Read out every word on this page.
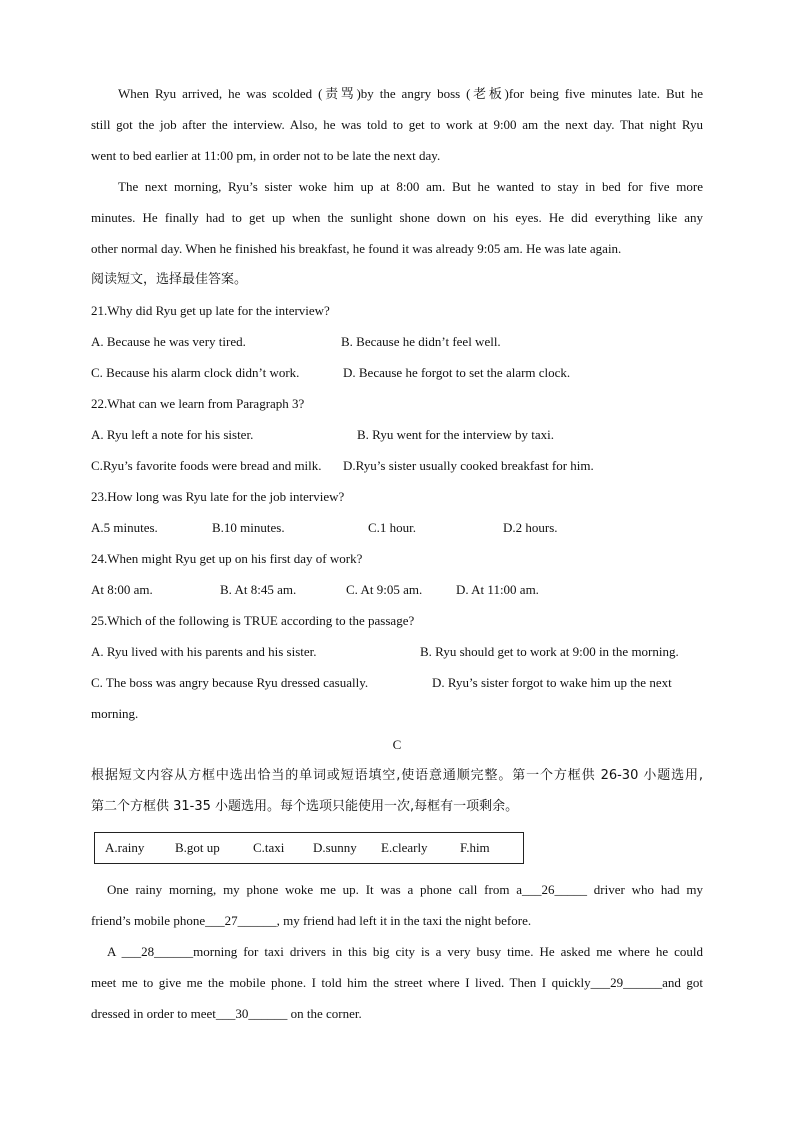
When Ryu arrived, he was scolded (责骂)by the angry boss (老板)for being five minutes late. But he
still got the job after the interview. Also, he was told to get to work at 9:00 am the next day. That night Ryu
went to bed earlier at 11:00 pm, in order not to be late the next day.
The next morning, Ryu’s sister woke him up at 8:00 am. But he wanted to stay in bed for five more
minutes. He finally had to get up when the sunlight shone down on his eyes. He did everything like any
other normal day. When he finished his breakfast, he found it was already 9:05 am. He was late again.
阅读短文，选择最佳答案。
21.Why did Ryu get up late for the interview?
A. Because he was very tired.	B. Because he didn’t feel well.
C. Because his alarm clock didn’t work.	D. Because he forgot to set the alarm clock.
22.What can we learn from Paragraph 3?
A. Ryu left a note for his sister.	B. Ryu went for the interview by taxi.
C.Ryu’s favorite foods were bread and milk. D.Ryu’s sister usually cooked breakfast for him.
23.How long was Ryu late for the job interview?
A.5 minutes.	B.10 minutes.	C.1 hour.	D.2 hours.
24.When might Ryu get up on his first day of work?
At 8:00 am.	B. At 8:45 am.	C. At 9:05 am.	D. At 11:00 am.
25.Which of the following is TRUE according to the passage?
A. Ryu lived with his parents and his sister.	B. Ryu should get to work at 9:00 in the morning.
C. The boss was angry because Ryu dressed casually.	D. Ryu’s sister forgot to wake him up the next
morning.
C
根据短文内容从方框中选出恰当的单词或短语填空,使语意通顺完整。第一个方框供 26-30 小题选用,
第二个方框供 31-35 小题选用。每个选项只能使用一次,每框有一项剩余。
A.rainy	B.got up	C.taxi	D.sunny	E.clearly	F.him
One rainy morning, my phone woke me up. It was a phone call from a___26_____ driver who had my
friend’s mobile phone___27______, my friend had left it in the taxi the night before.
A ___28______morning for taxi drivers in this big city is a very busy time. He asked me where he could
meet me to give me the mobile phone. I told him the street where I lived. Then I quickly___29______and got
dressed in order to meet___30______ on the corner.
